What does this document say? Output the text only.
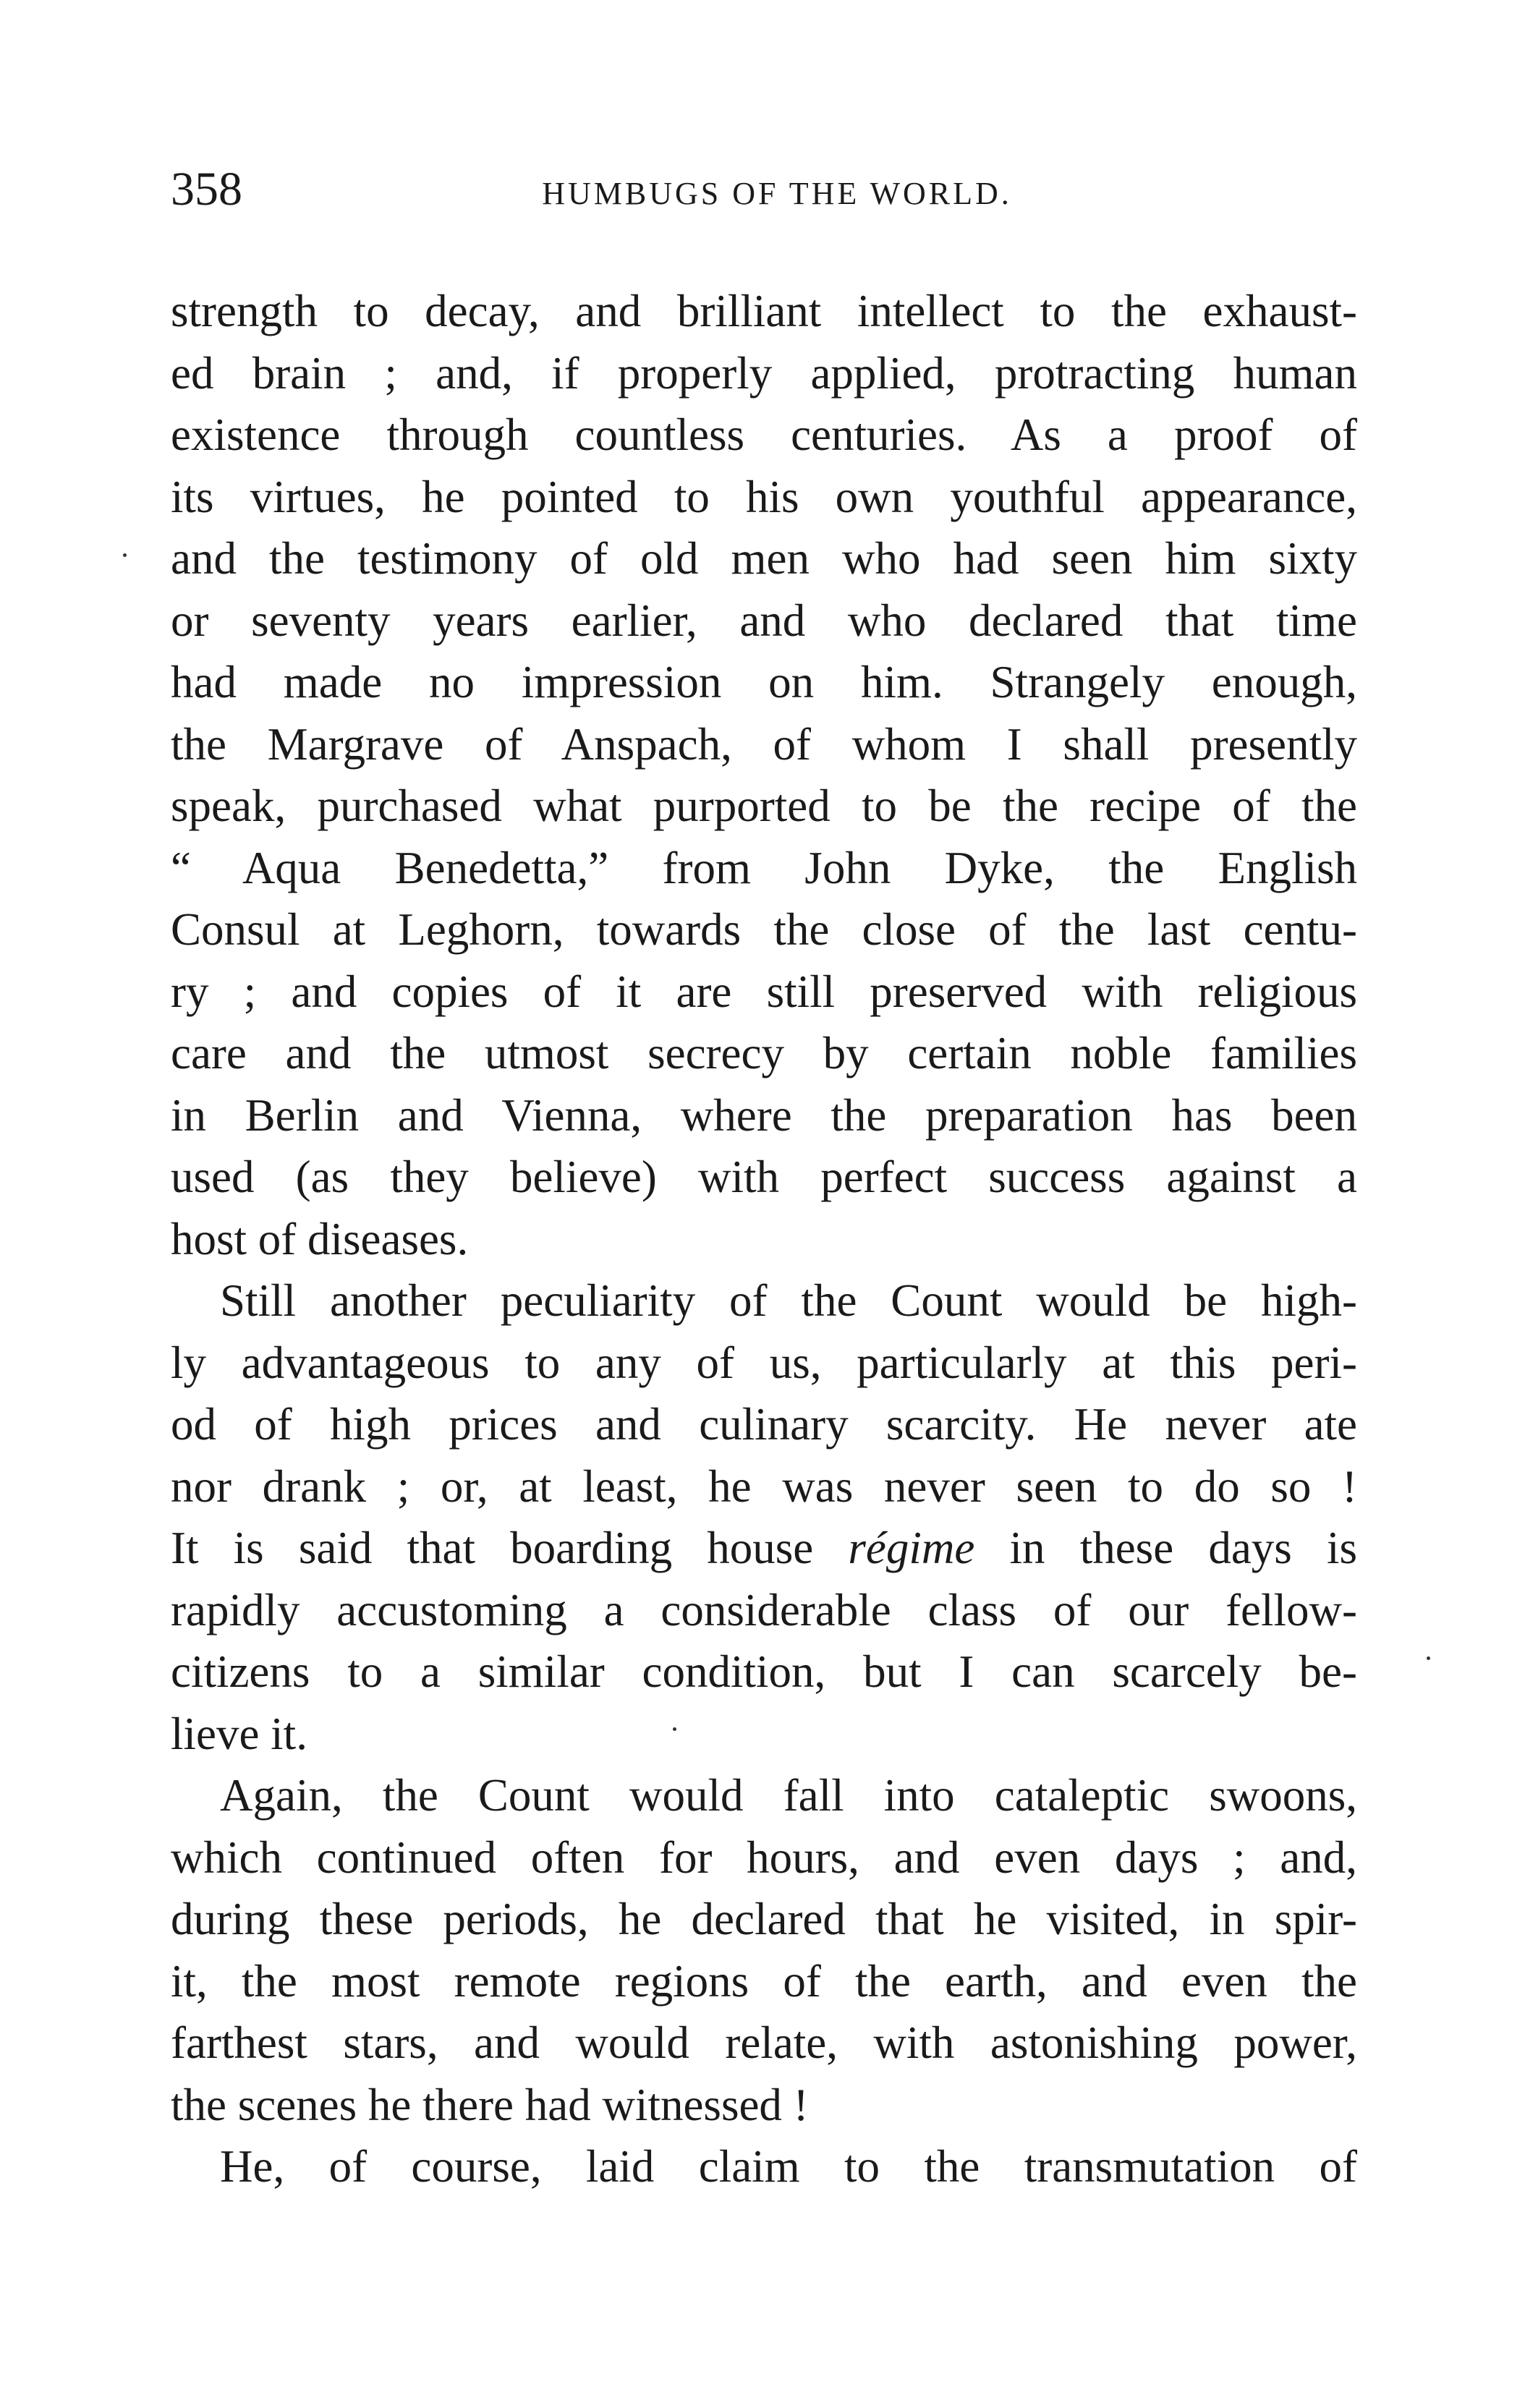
358	HUMBUGS OF THE WORLD.
strength to decay, and brilliant intellect to the exhaust-
ed brain ; and, if properly applied, protracting human
existence through countless centuries. As a proof of
its virtues, he pointed to his own youthful appearance,
and the testimony of old men who had seen him sixty
or seventy years earlier, and who declared that time
had made no impression on him. Strangely enough,
the Margrave of Anspach, of whom I shall presently
speak, purchased what purported to be the recipe of the
“ Aqua Benedetta,” from John Dyke, the English
Consul at Leghorn, towards the close of the last centu-
ry ; and copies of it are still preserved with religious
care and the utmost secrecy by certain noble families
in Berlin and Vienna, where the preparation has been
used (as they believe) with perfect success against a
host of diseases.
Still another peculiarity of the Count would be high-
ly advantageous to any of us, particularly at this peri-
od of high prices and culinary scarcity. He never ate
nor drank ; or, at least, he was never seen to do so !
It is said that boarding house régime in these days is
rapidly accustoming a considerable class of our fellow-
citizens to a similar condition, but I can scarcely be-
lieve it.
Again, the Count would fall into cataleptic swoons,
which continued often for hours, and even days ; and,
during these periods, he declared that he visited, in spir-
it, the most remote regions of the earth, and even the
farthest stars, and would relate, with astonishing power,
the scenes he there had witnessed !
He, of course, laid claim to the transmutation of
